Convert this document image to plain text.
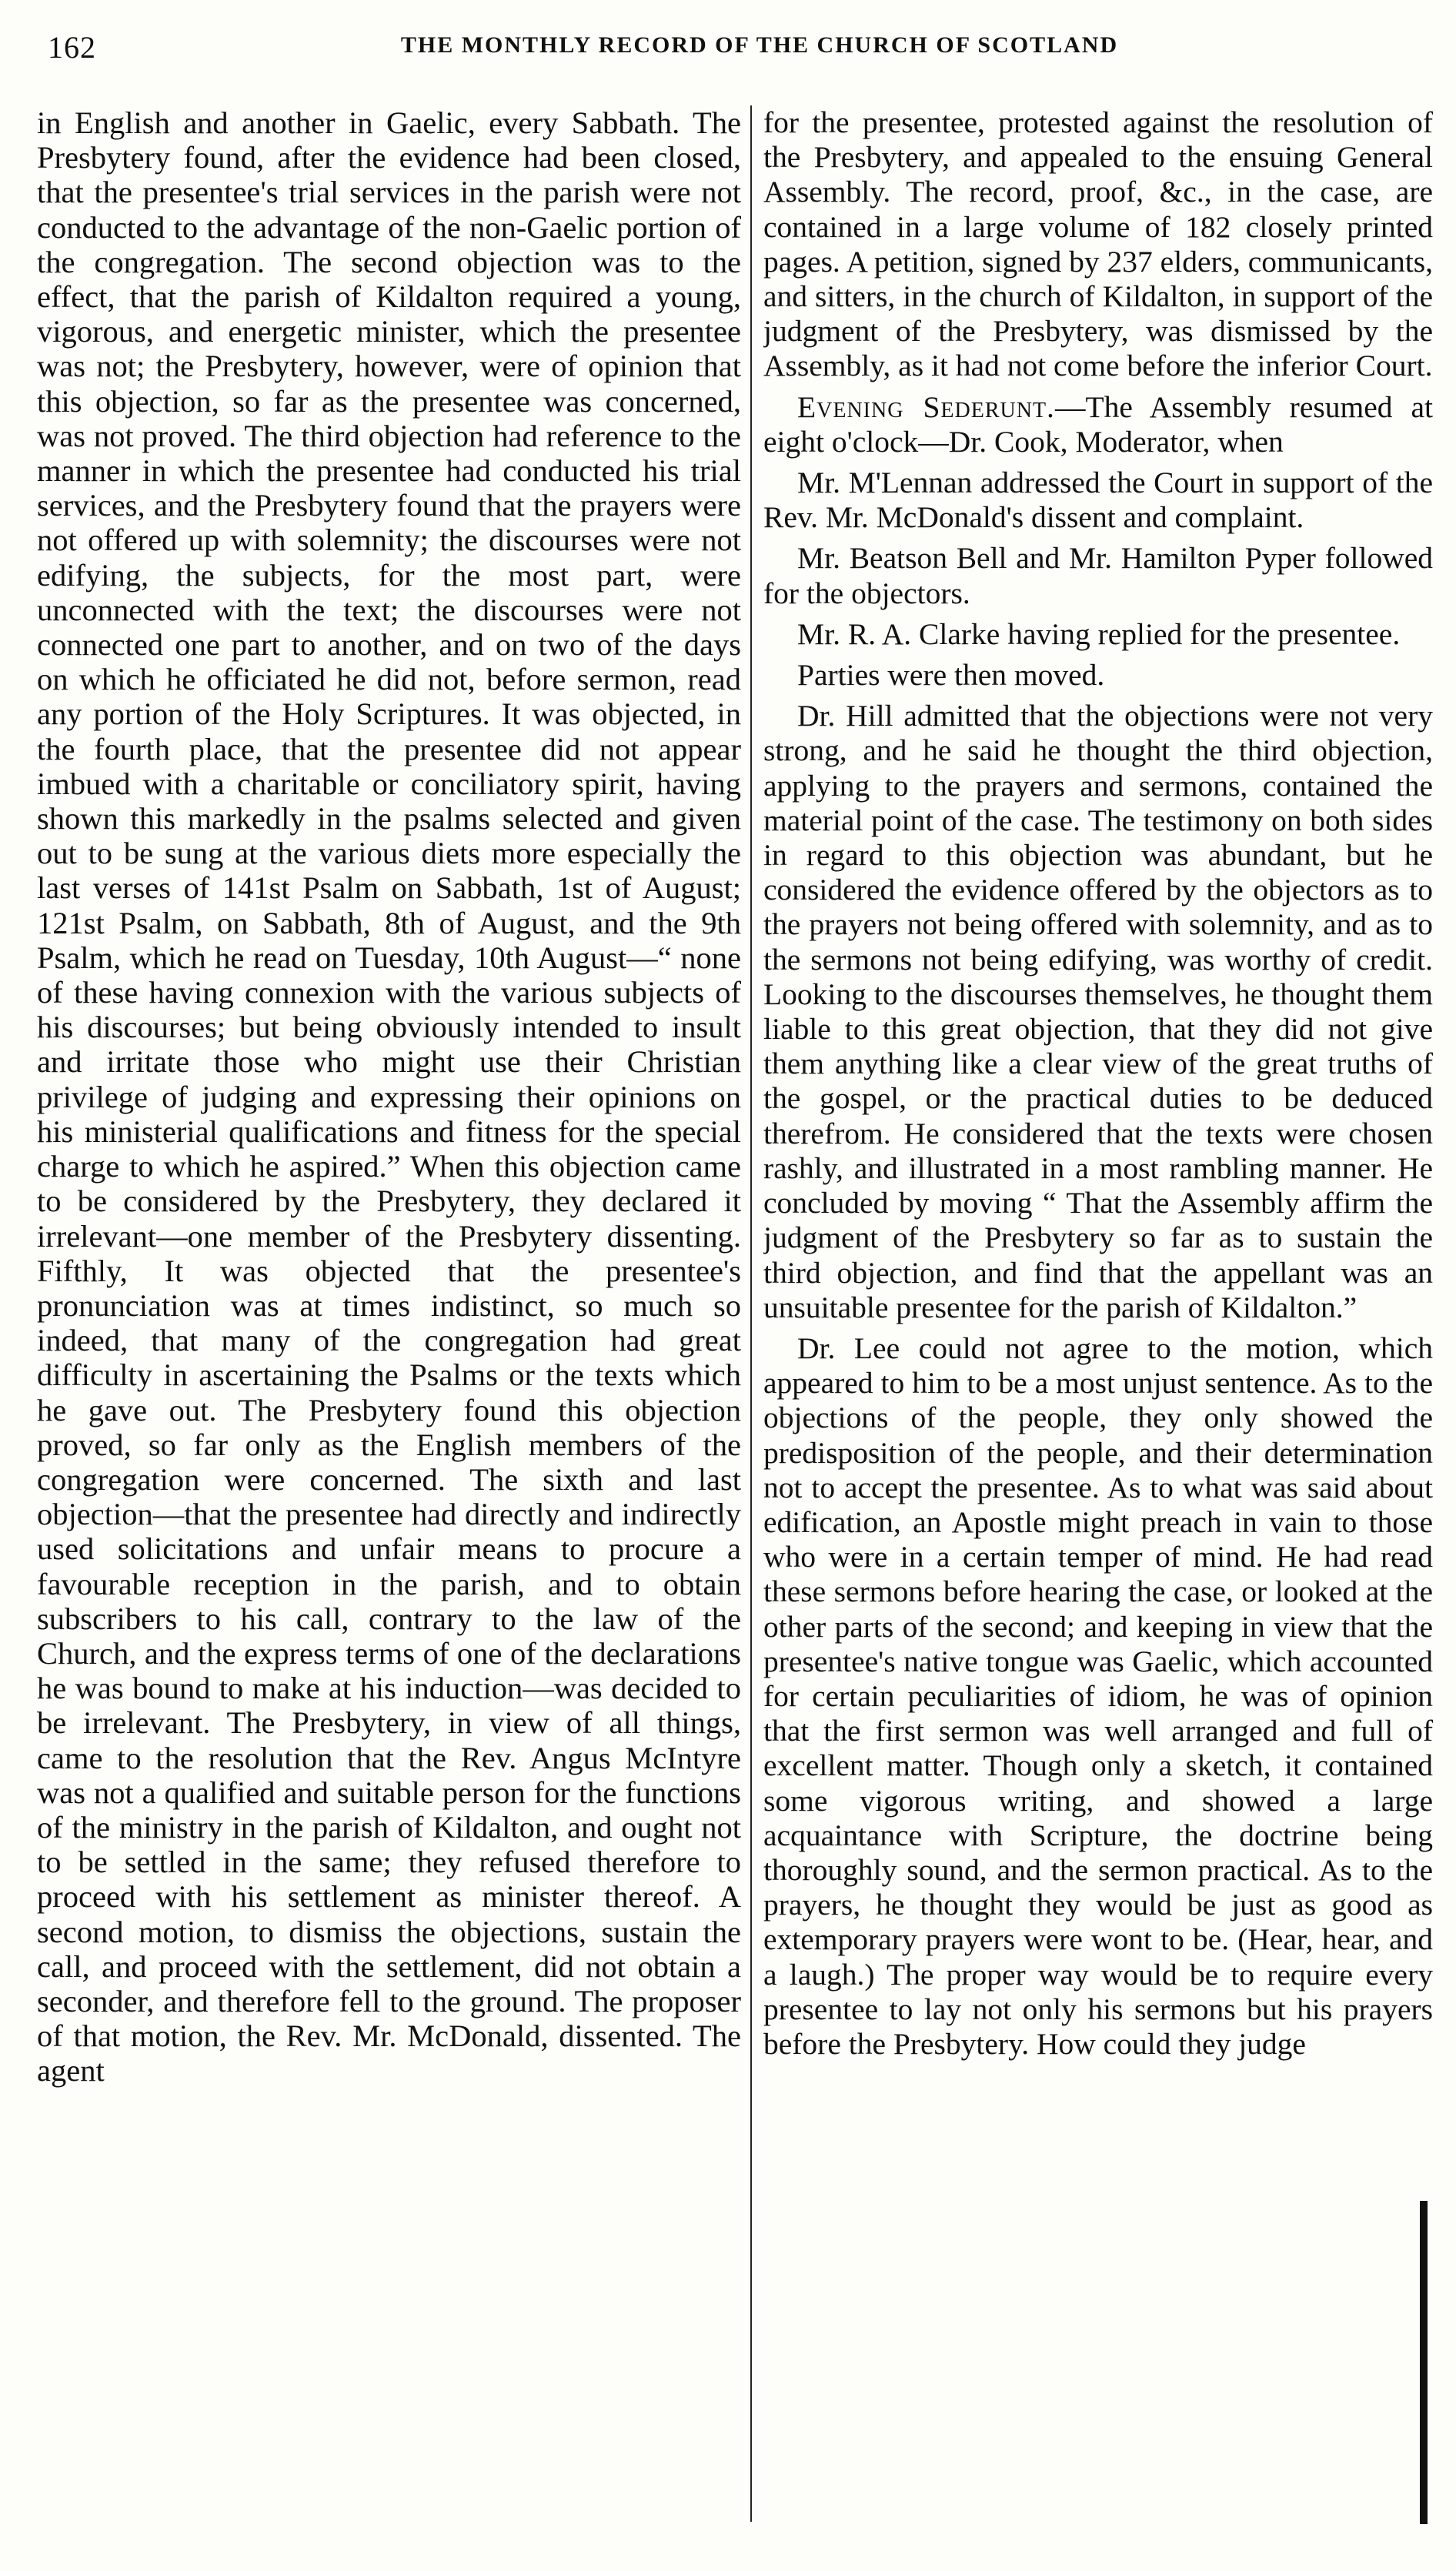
162	THE MONTHLY RECORD OF THE CHURCH OF SCOTLAND

in English and another in Gaelic, every Sabbath. The Presbytery found, after the evidence had been closed, that the presentee's trial services in the parish were not conducted to the advantage of the non-Gaelic portion of the congregation. The second objection was to the effect, that the parish of Kildalton required a young, vigorous, and energetic minister, which the presentee was not; the Presbytery, however, were of opinion that this objection, so far as the presentee was concerned, was not proved. The third objection had reference to the manner in which the presentee had conducted his trial services, and the Presbytery found that the prayers were not offered up with solemnity; the discourses were not edifying, the subjects, for the most part, were unconnected with the text; the discourses were not connected one part to another, and on two of the days on which he officiated he did not, before sermon, read any portion of the Holy Scriptures. It was objected, in the fourth place, that the presentee did not appear imbued with a charitable or conciliatory spirit, having shown this markedly in the psalms selected and given out to be sung at the various diets more especially the last verses of 141st Psalm on Sabbath, 1st of August; 121st Psalm, on Sabbath, 8th of August, and the 9th Psalm, which he read on Tuesday, 10th August—“ none of these having connexion with the various subjects of his discourses; but being obviously intended to insult and irritate those who might use their Christian privilege of judging and expressing their opinions on his ministerial qualifications and fitness for the special charge to which he aspired.” When this objection came to be considered by the Presbytery, they declared it irrelevant—one member of the Presbytery dissenting. Fifthly, It was objected that the presentee's pronunciation was at times indistinct, so much so indeed, that many of the congregation had great difficulty in ascertaining the Psalms or the texts which he gave out. The Presbytery found this objection proved, so far only as the English members of the congregation were concerned. The sixth and last objection—that the presentee had directly and indirectly used solicitations and unfair means to procure a favourable reception in the parish, and to obtain subscribers to his call, contrary to the law of the Church, and the express terms of one of the declarations he was bound to make at his induction—was decided to be irrelevant. The Presbytery, in view of all things, came to the resolution that the Rev. Angus McIntyre was not a qualified and suitable person for the functions of the ministry in the parish of Kildalton, and ought not to be settled in the same; they refused therefore to proceed with his settlement as minister thereof. A second motion, to dismiss the objections, sustain the call, and proceed with the settlement, did not obtain a seconder, and therefore fell to the ground. The proposer of that motion, the Rev. Mr. McDonald, dissented. The agent

for the presentee, protested against the resolution of the Presbytery, and appealed to the ensuing General Assembly. The record, proof, &c., in the case, are contained in a large volume of 182 closely printed pages. A petition, signed by 237 elders, communicants, and sitters, in the church of Kildalton, in support of the judgment of the Presbytery, was dismissed by the Assembly, as it had not come before the inferior Court.

Evening Sederunt.—The Assembly resumed at eight o'clock—Dr. Cook, Moderator, when

Mr. M'Lennan addressed the Court in support of the Rev. Mr. McDonald's dissent and complaint.

Mr. Beatson Bell and Mr. Hamilton Pyper followed for the objectors.

Mr. R. A. Clarke having replied for the presentee.

Parties were then moved.

Dr. Hill admitted that the objections were not very strong, and he said he thought the third objection, applying to the prayers and sermons, contained the material point of the case. The testimony on both sides in regard to this objection was abundant, but he considered the evidence offered by the objectors as to the prayers not being offered with solemnity, and as to the sermons not being edifying, was worthy of credit. Looking to the discourses themselves, he thought them liable to this great objection, that they did not give them anything like a clear view of the great truths of the gospel, or the practical duties to be deduced therefrom. He considered that the texts were chosen rashly, and illustrated in a most rambling manner. He concluded by moving “ That the Assembly affirm the judgment of the Presbytery so far as to sustain the third objection, and find that the appellant was an unsuitable presentee for the parish of Kildalton.”

Dr. Lee could not agree to the motion, which appeared to him to be a most unjust sentence. As to the objections of the people, they only showed the predisposition of the people, and their determination not to accept the presentee. As to what was said about edification, an Apostle might preach in vain to those who were in a certain temper of mind. He had read these sermons before hearing the case, or looked at the other parts of the second; and keeping in view that the presentee's native tongue was Gaelic, which accounted for certain peculiarities of idiom, he was of opinion that the first sermon was well arranged and full of excellent matter. Though only a sketch, it contained some vigorous writing, and showed a large acquaintance with Scripture, the doctrine being thoroughly sound, and the sermon practical. As to the prayers, he thought they would be just as good as extemporary prayers were wont to be. (Hear, hear, and a laugh.) The proper way would be to require every presentee to lay not only his sermons but his prayers before the Presbytery. How could they judge
